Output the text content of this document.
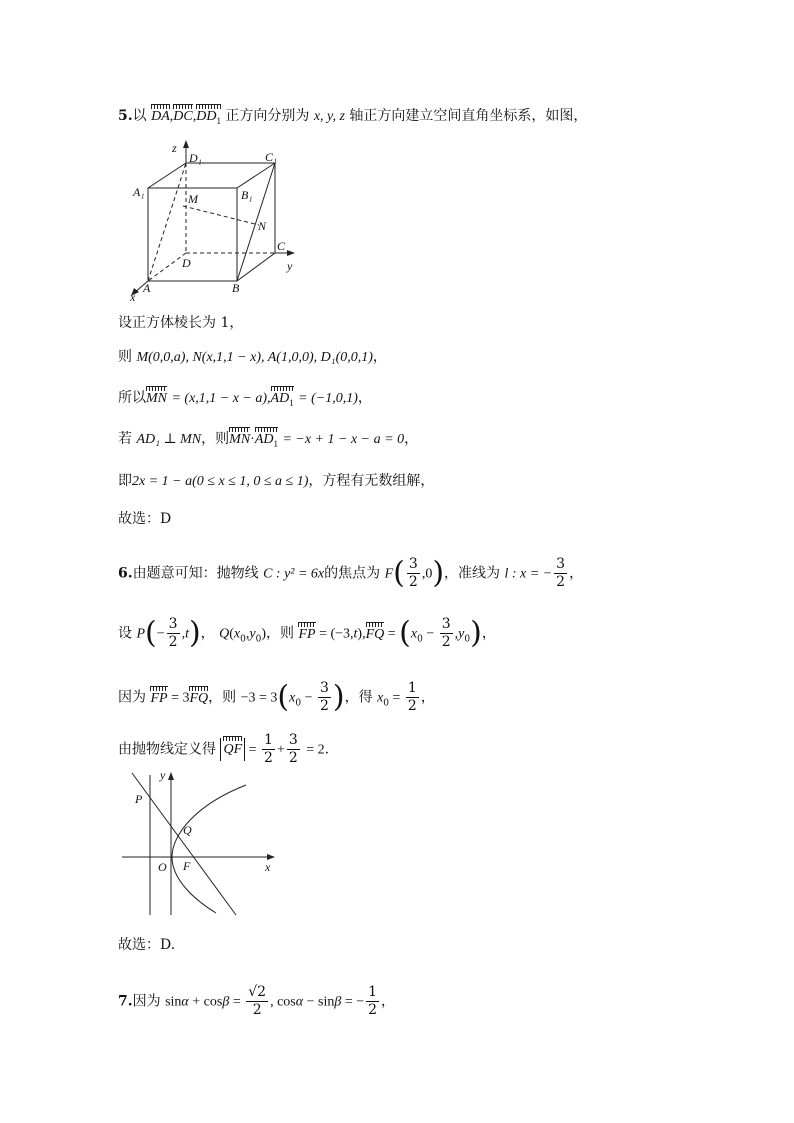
5.以 $DA,DC,DD_1$ 正方向分别为 x, y, z 轴正方向建立空间直角坐标系，如图，
z
D₁	C₁
A₁	B₁
M
N
C
D	y
A	B
x
y
P
Q
O F	x
设正方体棱长为 1，
则 M(0,0,a), N(x,1,1 − x), A(1,0,0), D₁(0,0,1)，
所以MN = $(x,1,1 - x - a),AD_1 = (-1,0,1)$，
若 AD₁ ⊥ MN，则$MN\cdot AD_1 = -x + 1 - x - a = 0$，
即2x = 1 − a(0 ≤ x ≤ 1, 0 ≤ a ≤ 1)，方程有无数组解，
故选：D
6.由题意可知：抛物线 C : y² = 6x的焦点为 $F( \frac{3}{2} ,0)$，准线为 l : x = − $\frac{3}{2}$ ，
设 $P(- \frac{3}{2} ,t)$， $Q(x_0,y_0)$，则 FP = $(-3,t),FQ = (x_0 - \frac{3}{2} ,y_0)$，
因为 FP = 3FQ，则 $-3 = 3(x_0 - \frac{3}{2}$ )，得 $x_0 = \frac{1}{2}$ ，
由抛物线定义得 QF = $\frac{1}{2} + \frac{3}{2} = 2$.
故选：D.
7.因为 $\sin\alpha + \cos\beta = \frac{√2}{2}$ , cosα − sinβ = − $\frac{1}{2}$ ，
